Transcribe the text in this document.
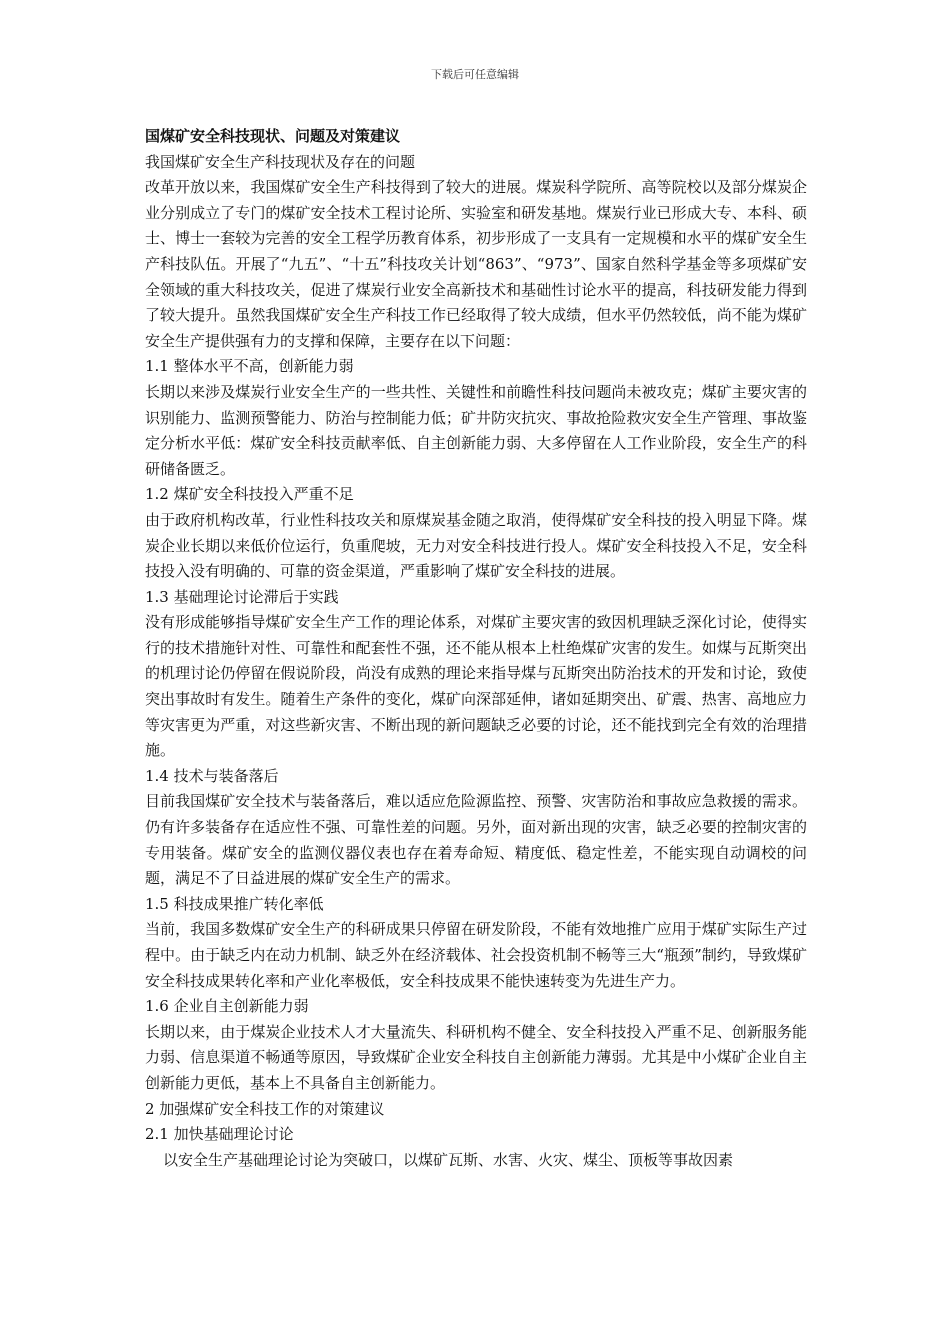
下载后可任意编辑

国煤矿安全科技现状、问题及对策建议

我国煤矿安全生产科技现状及存在的问题

改革开放以来，我国煤矿安全生产科技得到了较大的进展。煤炭科学院所、高等院校以及部分煤炭企业分别成立了专门的煤矿安全技术工程讨论所、实验室和研发基地。煤炭行业已形成大专、本科、硕士、博士一套较为完善的安全工程学历教育体系，初步形成了一支具有一定规模和水平的煤矿安全生产科技队伍。开展了“九五”、“十五”科技攻关计划“863”、“973”、国家自然科学基金等多项煤矿安全领域的重大科技攻关，促进了煤炭行业安全高新技术和基础性讨论水平的提高，科技研发能力得到了较大提升。虽然我国煤矿安全生产科技工作已经取得了较大成绩，但水平仍然较低，尚不能为煤矿安全生产提供强有力的支撑和保障，主要存在以下问题：

1.1 整体水平不高，创新能力弱

长期以来涉及煤炭行业安全生产的一些共性、关键性和前瞻性科技问题尚未被攻克；煤矿主要灾害的识别能力、监测预警能力、防治与控制能力低；矿井防灾抗灾、事故抢险救灾安全生产管理、事故鉴定分析水平低：煤矿安全科技贡献率低、自主创新能力弱、大多停留在人工作业阶段，安全生产的科研储备匮乏。

1.2 煤矿安全科技投入严重不足

由于政府机构改革，行业性科技攻关和原煤炭基金随之取消，使得煤矿安全科技的投入明显下降。煤炭企业长期以来低价位运行，负重爬坡，无力对安全科技进行投人。煤矿安全科技投入不足，安全科技投入没有明确的、可靠的资金渠道，严重影响了煤矿安全科技的进展。

1.3 基础理论讨论滞后于实践

没有形成能够指导煤矿安全生产工作的理论体系，对煤矿主要灾害的致因机理缺乏深化讨论，使得实行的技术措施针对性、可靠性和配套性不强，还不能从根本上杜绝煤矿灾害的发生。如煤与瓦斯突出的机理讨论仍停留在假说阶段，尚没有成熟的理论来指导煤与瓦斯突出防治技术的开发和讨论，致使突出事故时有发生。随着生产条件的变化，煤矿向深部延伸，诸如延期突出、矿震、热害、高地应力等灾害更为严重，对这些新灾害、不断出现的新问题缺乏必要的讨论，还不能找到完全有效的治理措施。

1.4 技术与装备落后

目前我国煤矿安全技术与装备落后，难以适应危险源监控、预警、灾害防治和事故应急救援的需求。仍有许多装备存在适应性不强、可靠性差的问题。另外，面对新出现的灾害，缺乏必要的控制灾害的专用装备。煤矿安全的监测仪器仪表也存在着寿命短、精度低、稳定性差，不能实现自动调校的问题，满足不了日益进展的煤矿安全生产的需求。

1.5 科技成果推广转化率低

当前，我国多数煤矿安全生产的科研成果只停留在研发阶段，不能有效地推广应用于煤矿实际生产过程中。由于缺乏内在动力机制、缺乏外在经济载体、社会投资机制不畅等三大“瓶颈”制约，导致煤矿安全科技成果转化率和产业化率极低，安全科技成果不能快速转变为先进生产力。

1.6 企业自主创新能力弱

长期以来，由于煤炭企业技术人才大量流失、科研机构不健全、安全科技投入严重不足、创新服务能力弱、信息渠道不畅通等原因，导致煤矿企业安全科技自主创新能力薄弱。尤其是中小煤矿企业自主创新能力更低，基本上不具备自主创新能力。

2 加强煤矿安全科技工作的对策建议

2.1 加快基础理论讨论

以安全生产基础理论讨论为突破口，以煤矿瓦斯、水害、火灾、煤尘、顶板等事故因素
